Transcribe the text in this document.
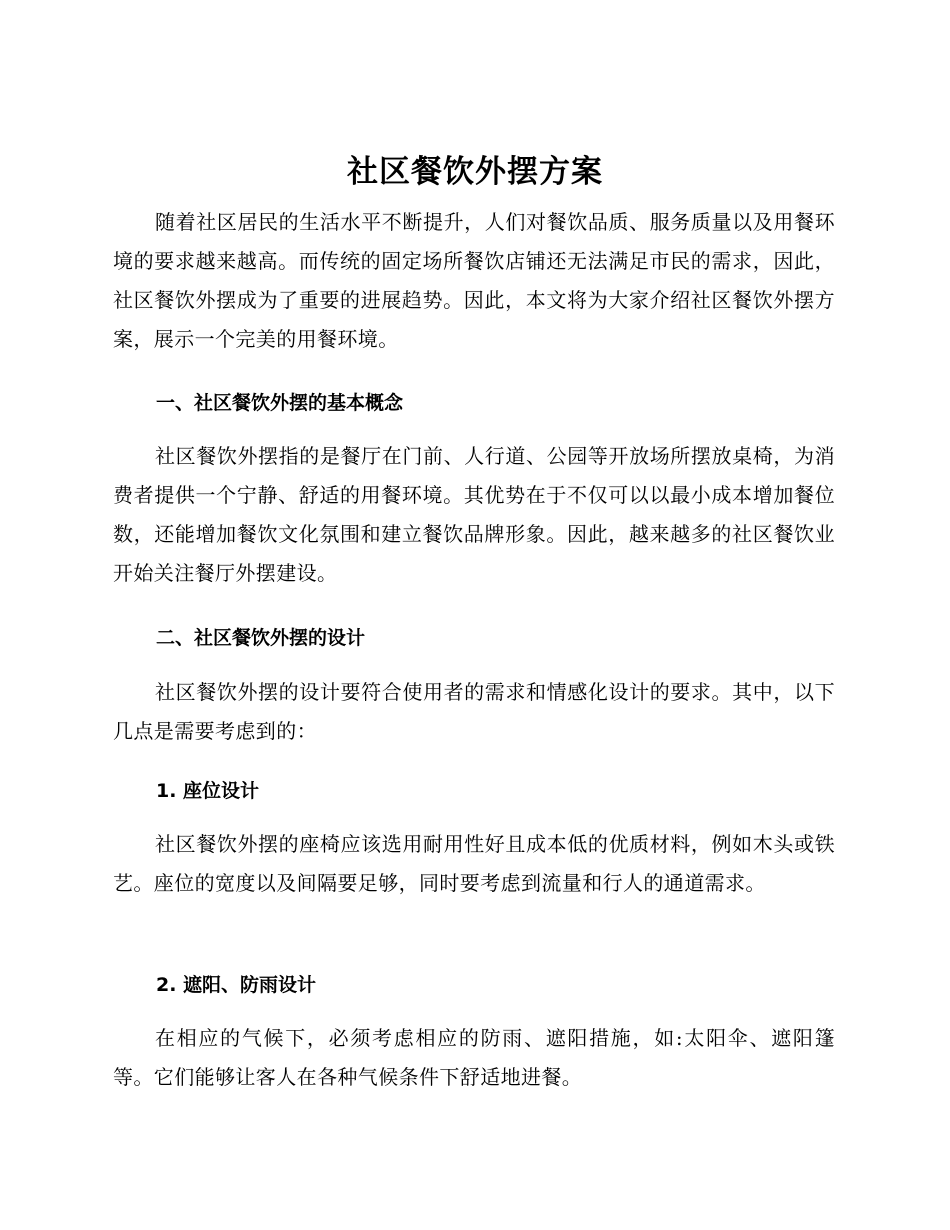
社区餐饮外摆方案
随着社区居民的生活水平不断提升，人们对餐饮品质、服务质量以及用餐环境的要求越来越高。而传统的固定场所餐饮店铺还无法满足市民的需求，因此，社区餐饮外摆成为了重要的进展趋势。因此，本文将为大家介绍社区餐饮外摆方案，展示一个完美的用餐环境。
一、社区餐饮外摆的基本概念
社区餐饮外摆指的是餐厅在门前、人行道、公园等开放场所摆放桌椅，为消费者提供一个宁静、舒适的用餐环境。其优势在于不仅可以以最小成本增加餐位数，还能增加餐饮文化氛围和建立餐饮品牌形象。因此，越来越多的社区餐饮业开始关注餐厅外摆建设。
二、社区餐饮外摆的设计
社区餐饮外摆的设计要符合使用者的需求和情感化设计的要求。其中，以下几点是需要考虑到的：
1. 座位设计
社区餐饮外摆的座椅应该选用耐用性好且成本低的优质材料，例如木头或铁艺。座位的宽度以及间隔要足够，同时要考虑到流量和行人的通道需求。
2. 遮阳、防雨设计
在相应的气候下，必须考虑相应的防雨、遮阳措施，如:太阳伞、遮阳篷等。它们能够让客人在各种气候条件下舒适地进餐。
